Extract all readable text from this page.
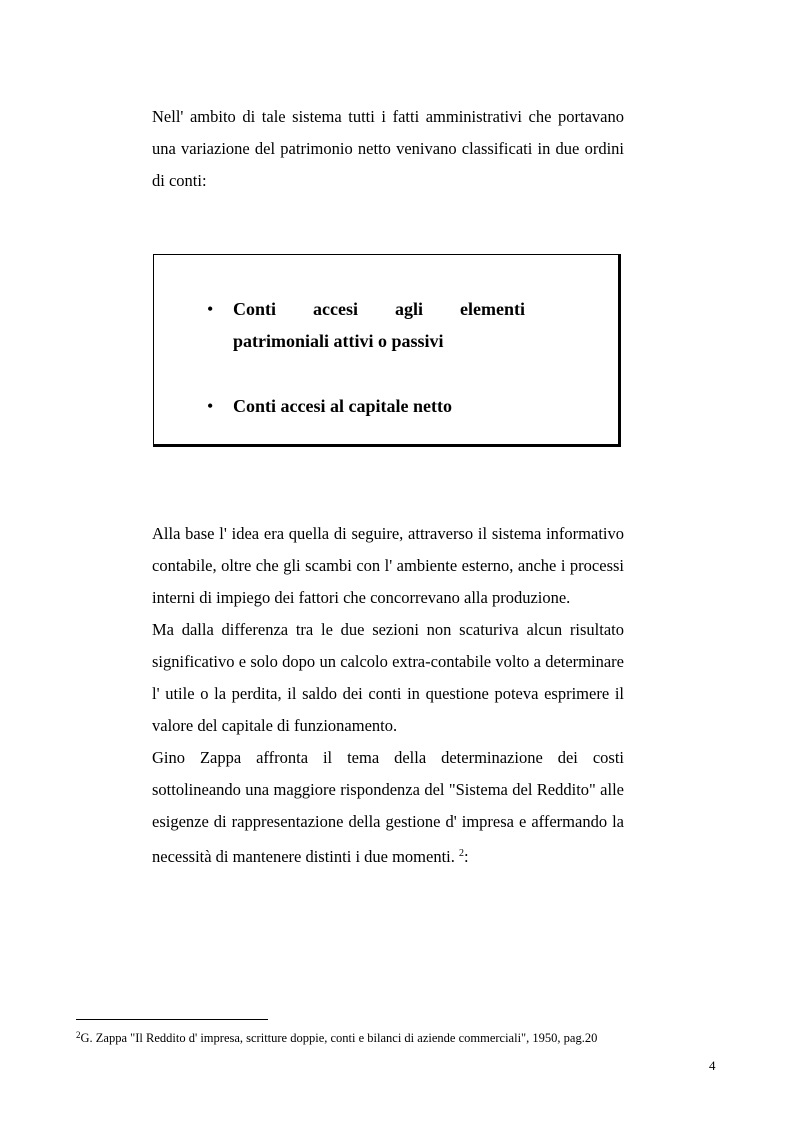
Nell' ambito di tale sistema tutti i fatti amministrativi che portavano una variazione del patrimonio netto venivano classificati in due ordini di conti:

• Conti accesi agli elementi patrimoniali attivi o passivi
• Conti accesi al capitale netto

Alla base l' idea era quella di seguire, attraverso il sistema informativo contabile, oltre che gli scambi con l' ambiente esterno, anche i processi interni di impiego dei fattori che concorrevano alla produzione.

Ma dalla differenza tra le due sezioni non scaturiva alcun risultato significativo e solo dopo un calcolo extra-contabile volto a determinare l' utile o la perdita, il saldo dei conti in questione poteva esprimere il valore del capitale di funzionamento.

Gino Zappa affronta il tema della determinazione dei costi sottolineando una maggiore rispondenza del "Sistema del Reddito" alle esigenze di rappresentazione della gestione d' impresa e affermando la necessità di mantenere distinti i due momenti. $^2$:

$^2$G. Zappa "Il Reddito d' impresa, scritture doppie, conti e bilanci di aziende commerciali", 1950, pag.20
4
